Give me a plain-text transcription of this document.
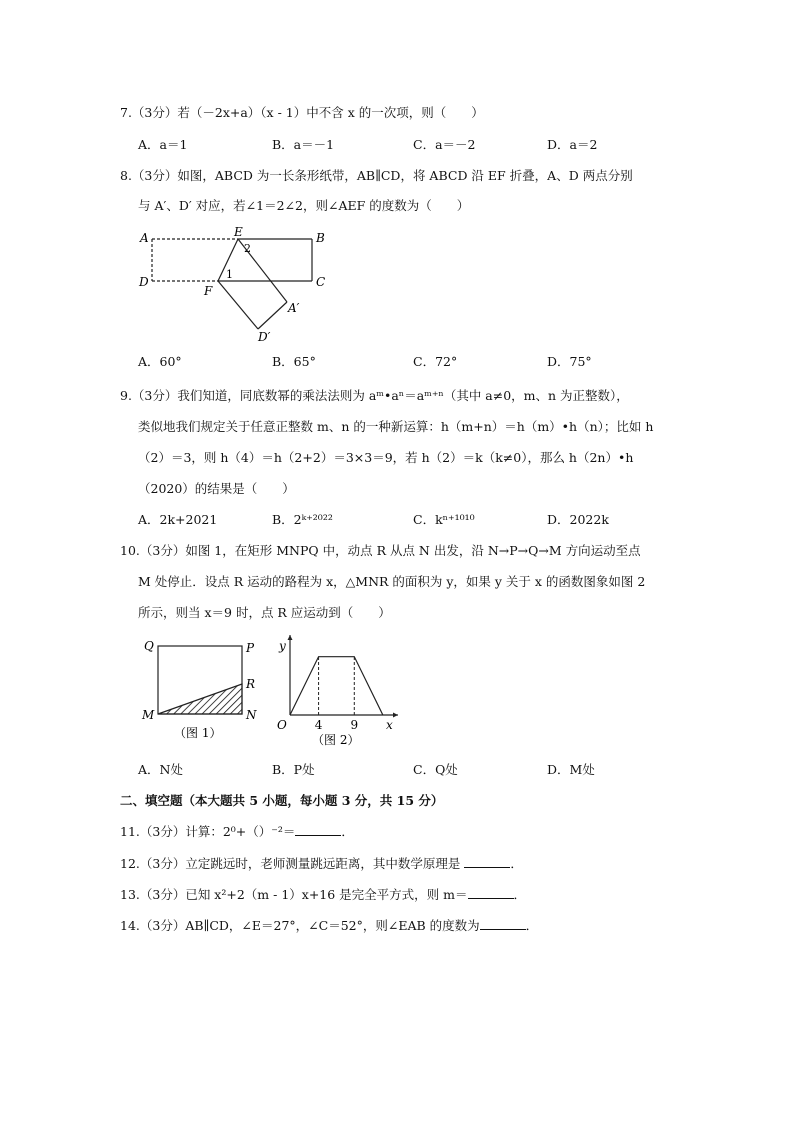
7.（3分）若（－2x+a）（x - 1）中不含 x 的一次项，则（　　）
A．a＝1	B．a＝－1	C．a＝－2	D．a＝2
8.（3分）如图，ABCD 为一长条形纸带，AB∥CD，将 ABCD 沿 EF 折叠，A、D 两点分别
与 A′、D′ 对应，若∠1＝2∠2，则∠AEF 的度数为（　　）
A	E	B
D
F
C
A′
D′
1
2
A．60°	B．65°	C．72°	D．75°
9.（3分）我们知道，同底数幂的乘法法则为 aᵐ•aⁿ＝aᵐ⁺ⁿ（其中 a≠0，m、n 为正整数），
类似地我们规定关于任意正整数 m、n 的一种新运算：h（m+n）＝h（m）•h（n）；比如 h
（2）＝3，则 h（4）＝h（2+2）＝3×3＝9，若 h（2）＝k（k≠0），那么 h（2n）•h
（2020）的结果是（　　）
A．2k+2021	B．2ᵏ⁺²⁰²²	C．kⁿ⁺¹⁰¹⁰	D．2022k
10.（3分）如图 1，在矩形 MNPQ 中，动点 R 从点 N 出发，沿 N→P→Q→M 方向运动至点
M 处停止．设点 R 运动的路程为 x，△MNR 的面积为 y，如果 y 关于 x 的函数图象如图 2
所示，则当 x＝9 时，点 R 应运动到（　　）
Q	P
R
M	N
（图 1）
y
x
O 4 9
（图 2）
A．N处	B．P处	C．Q处	D．M处
二、填空题（本大题共 5 小题，每小题 3 分，共 15 分）
11.（3分）计算：2⁰+（）⁻²＝	．
12.（3分）立定跳远时，老师测量跳远距离，其中数学原理是	．
13.（3分）已知 x²+2（m - 1）x+16 是完全平方式，则 m＝	．
14.（3分）AB∥CD，∠E＝27°，∠C＝52°，则∠EAB 的度数为	．
